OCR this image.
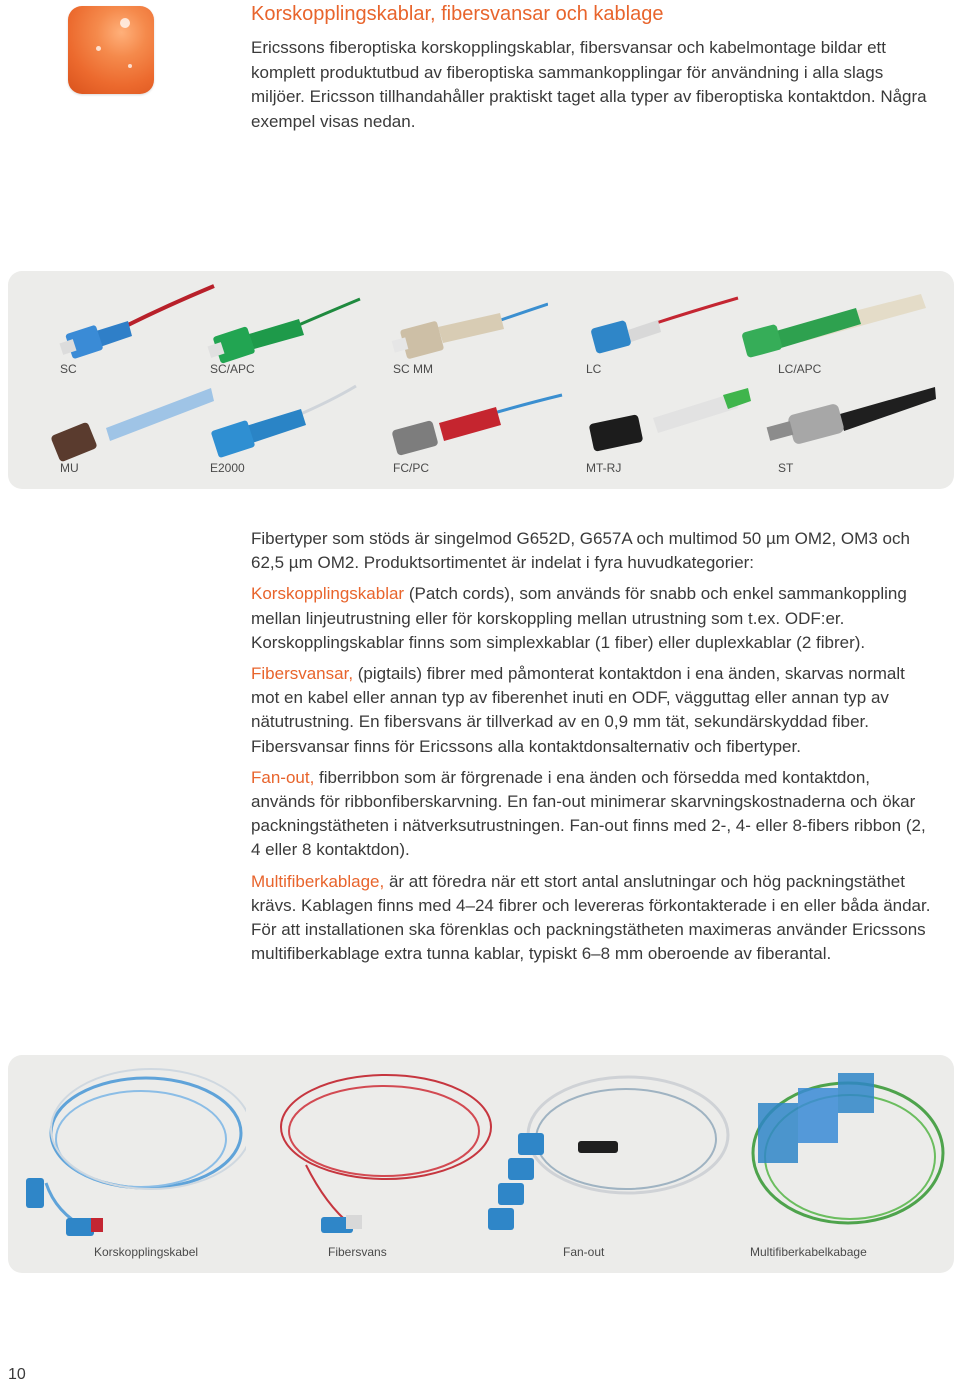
Korskopplingskablar, fibersvansar och kablage

Ericssons fiberoptiska korskopplingskablar, fibersvansar och kabelmontage bildar ett komplett produktutbud av fiberoptiska sammankopplingar för användning i alla slags miljöer. Ericsson tillhandahåller praktiskt taget alla typer av fiberoptiska kontaktdon. Några exempel visas nedan.

SC	SC/APC	SC MM	LC	LC/APC
MU	E2000	FC/PC	MT-RJ	ST

Fibertyper som stöds är singelmod G652D, G657A och multimod 50 µm OM2, OM3 och 62,5 µm OM2. Produktsortimentet är indelat i fyra huvudkategorier:

Korskopplingskablar (Patch cords), som används för snabb och enkel sammankoppling mellan linjeutrustning eller för korskoppling mellan utrustning som t.ex. ODF:er. Korskopplingskablar finns som simplexkablar (1 fiber) eller duplexkablar (2 fibrer).

Fibersvansar, (pigtails) fibrer med påmonterat kontaktdon i ena änden, skarvas normalt mot en kabel eller annan typ av fiberenhet inuti en ODF, vägguttag eller annan typ av nätutrustning. En fibersvans är tillverkad av en 0,9 mm tät, sekundärskyddad fiber. Fibersvansar finns för Ericssons alla kontaktdonsalternativ och fibertyper.

Fan-out, fiberribbon som är förgrenade i ena änden och försedda med kontaktdon, används för ribbonfiberskarvning. En fan-out minimerar skarvningskostnaderna och ökar packningstätheten i nätverksutrustningen. Fan-out finns med 2-, 4- eller 8-fibers ribbon (2, 4 eller 8 kontaktdon).

Multifiberkablage, är att föredra när ett stort antal anslutningar och hög packningstäthet krävs. Kablagen finns med 4–24 fibrer och levereras förkontakterade i en eller båda ändar. För att installationen ska förenklas och packningstätheten maximeras använder Ericssons multifiberkablage extra tunna kablar, typiskt 6–8 mm oberoende av fiberantal.

Korskopplingskabel	Fibersvans	Fan-out	Multifiberkabelkabage
10
